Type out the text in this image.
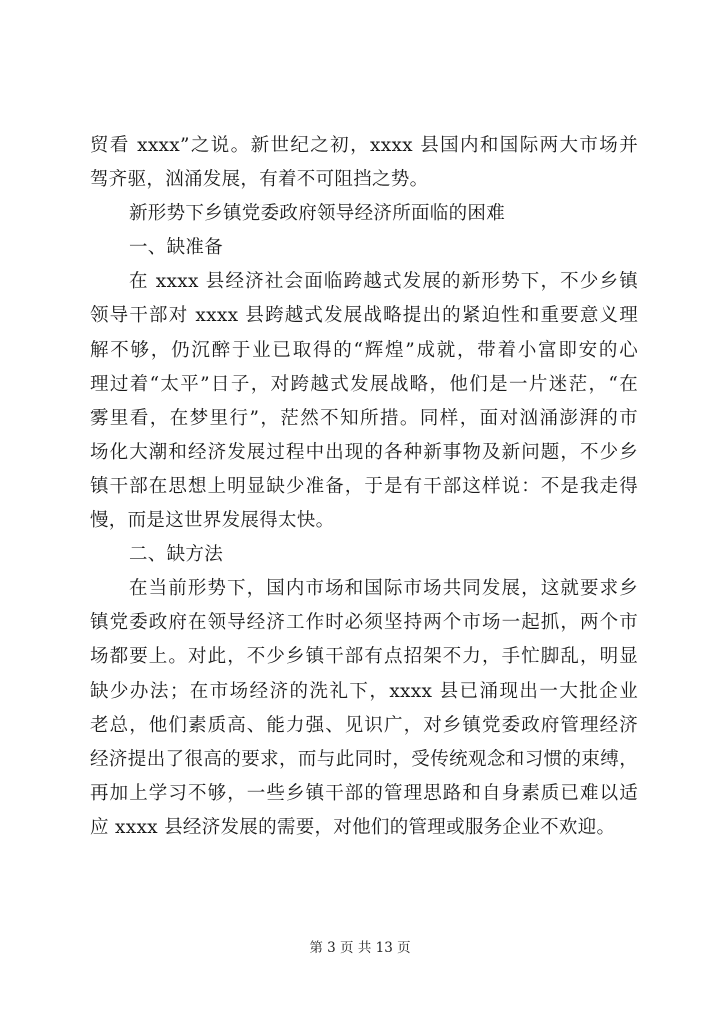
贸看 xxxx”之说。新世纪之初，xxxx 县国内和国际两大市场并
驾齐驱，汹涌发展，有着不可阻挡之势。
新形势下乡镇党委政府领导经济所面临的困难
一、缺准备
在 xxxx 县经济社会面临跨越式发展的新形势下，不少乡镇
领导干部对 xxxx 县跨越式发展战略提出的紧迫性和重要意义理
解不够，仍沉醉于业已取得的“辉煌”成就，带着小富即安的心
理过着“太平”日子，对跨越式发展战略，他们是一片迷茫，“在
雾里看，在梦里行”，茫然不知所措。同样，面对汹涌澎湃的市
场化大潮和经济发展过程中出现的各种新事物及新问题，不少乡
镇干部在思想上明显缺少准备，于是有干部这样说：不是我走得
慢，而是这世界发展得太快。
二、缺方法
在当前形势下，国内市场和国际市场共同发展，这就要求乡
镇党委政府在领导经济工作时必须坚持两个市场一起抓，两个市
场都要上。对此，不少乡镇干部有点招架不力，手忙脚乱，明显
缺少办法；在市场经济的洗礼下，xxxx 县已涌现出一大批企业
老总，他们素质高、能力强、见识广，对乡镇党委政府管理经济
经济提出了很高的要求，而与此同时，受传统观念和习惯的束缚，
再加上学习不够，一些乡镇干部的管理思路和自身素质已难以适
应 xxxx 县经济发展的需要，对他们的管理或服务企业不欢迎。
第 3 页 共 13 页
